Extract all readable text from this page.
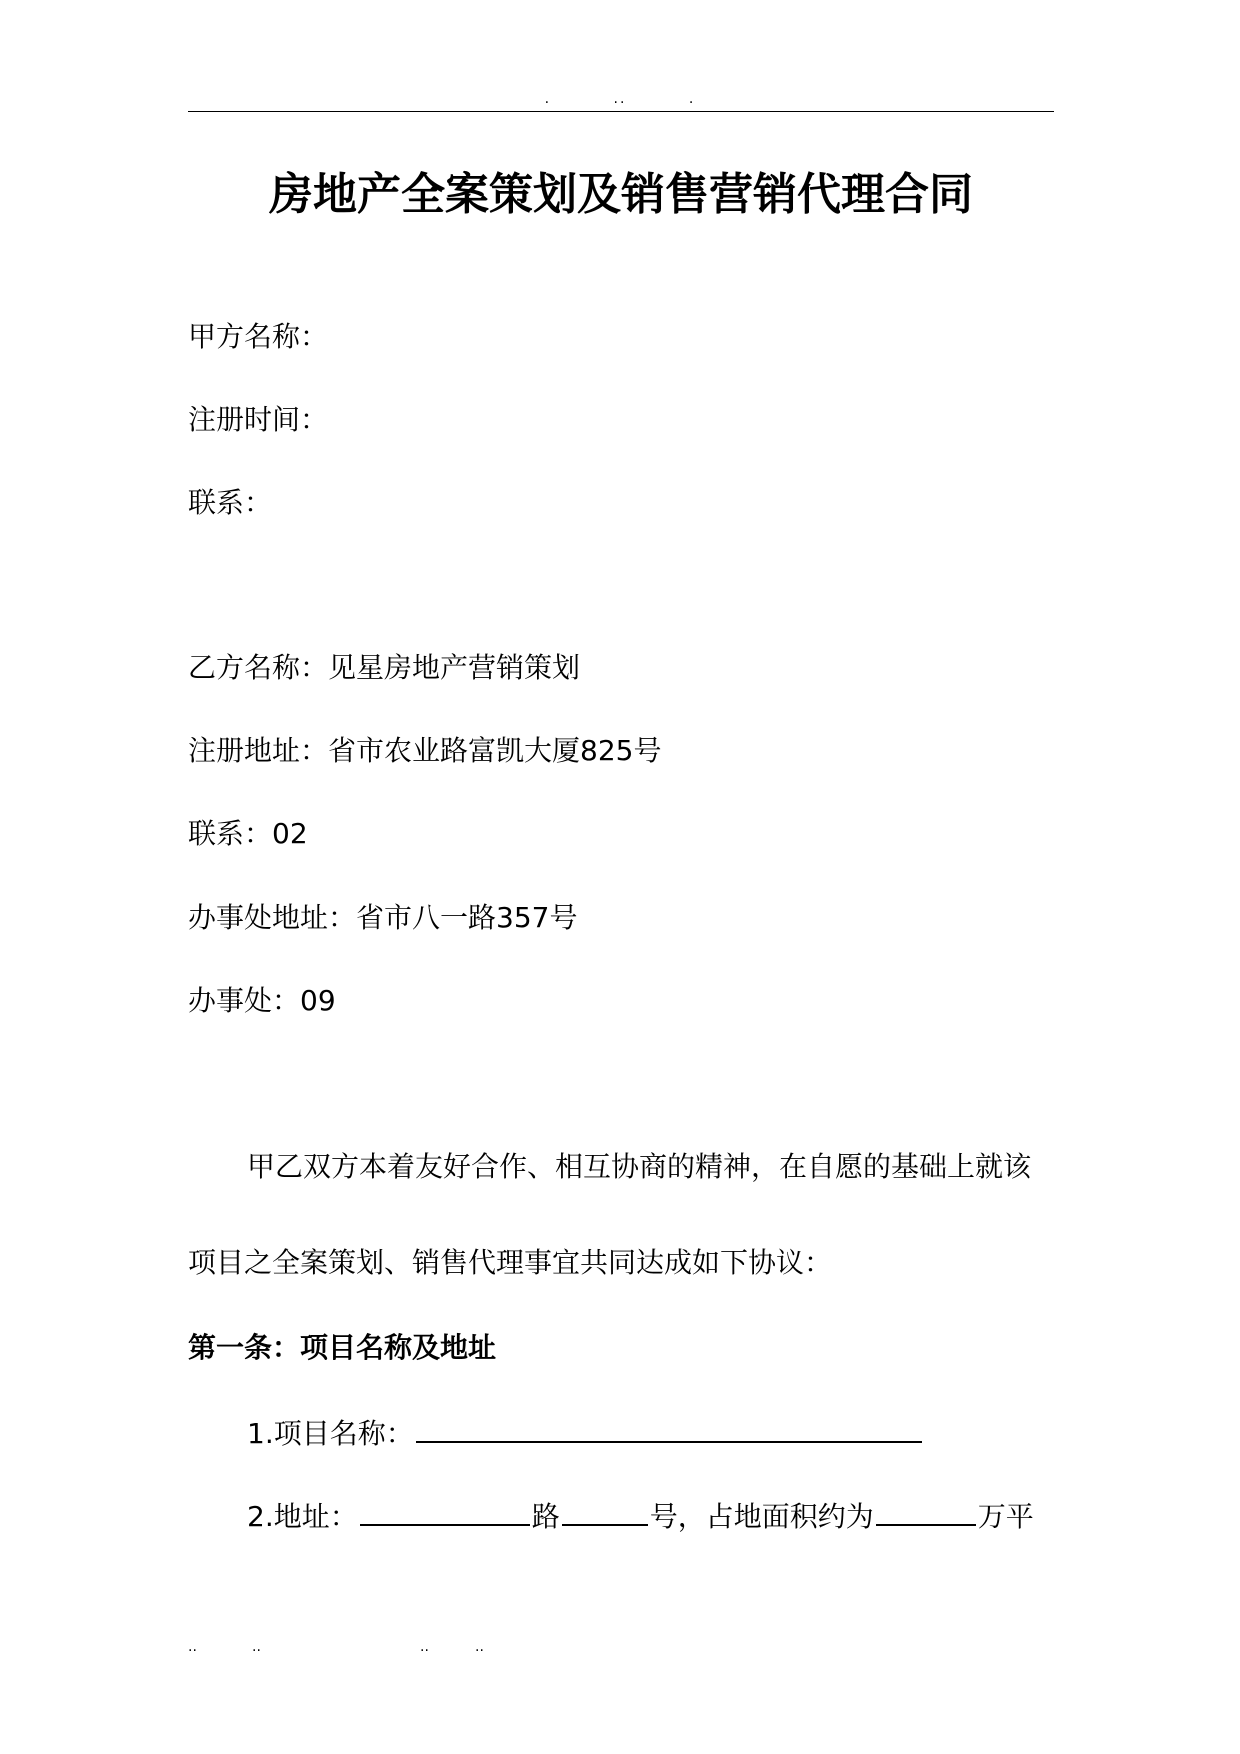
.	..	.
房地产全案策划及销售营销代理合同
甲方名称：
注册时间：
联系：
乙方名称：见星房地产营销策划
注册地址：省市农业路富凯大厦825号
联系：02
办事处地址：省市八一路357号
办事处：09
甲乙双方本着友好合作、相互协商的精神，在自愿的基础上就该
项目之全案策划、销售代理事宜共同达成如下协议：
第一条：项目名称及地址
1.项目名称：
2.地址：	路	号，占地面积约为	万平
..	..	..	..
